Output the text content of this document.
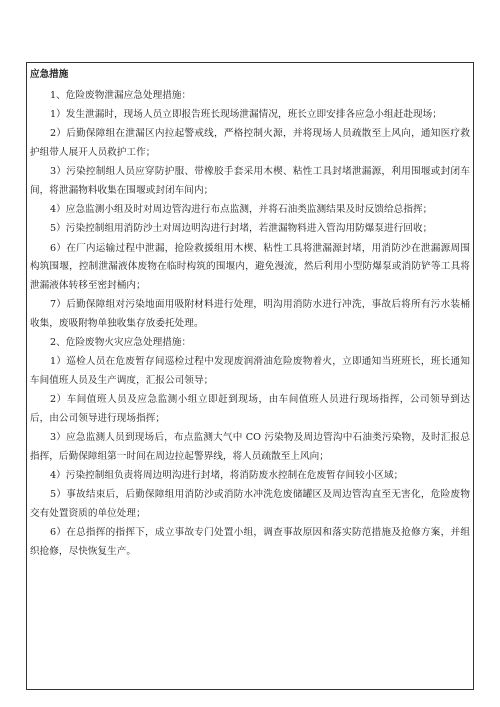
应急措施

1、危险废物泄漏应急处理措施：

1）发生泄漏时，现场人员立即报告班长现场泄漏情况，班长立即安排各应急小组赶赴现场；

2）后勤保障组在泄漏区内拉起警戒线，严格控制火源，并将现场人员疏散至上风向，通知医疗救护组带人展开人员救护工作；

3）污染控制组人员应穿防护服、带橡胶手套采用木楔、粘性工具封堵泄漏源，利用围堰或封闭车间，将泄漏物料收集在围堰或封闭车间内；

4）应急监测小组及时对周边管沟进行布点监测，并将石油类监测结果及时反馈给总指挥；

5）污染控制组用消防沙土对周边明沟进行封堵，若泄漏物料进入管沟用防爆泵进行回收；

6）在厂内运输过程中泄漏，抢险救援组用木楔、粘性工具将泄漏源封堵，用消防沙在泄漏源周围构筑围堰，控制泄漏液体废物在临时构筑的围堰内，避免漫流，然后利用小型防爆泵或消防铲等工具将泄漏液体转移至密封桶内；

7）后勤保障组对污染地面用吸附材料进行处理，明沟用消防水进行冲洗，事故后将所有污水装桶收集，废吸附物单独收集存放委托处理。

2、危险废物火灾应急处理措施：

1）巡检人员在危废暂存间巡检过程中发现废润滑油危险废物着火，立即通知当班班长，班长通知车间值班人员及生产调度，汇报公司领导；

2）车间值班人员及应急监测小组立即赶到现场，由车间值班人员进行现场指挥，公司领导到达后，由公司领导进行现场指挥；

3）应急监测人员到现场后，布点监测大气中 CO 污染物及周边管沟中石油类污染物，及时汇报总指挥，后勤保障组第一时间在周边拉起警界线，将人员疏散至上风向；

4）污染控制组负责将周边明沟进行封堵，将消防废水控制在危废暂存间较小区域；

5）事故结束后，后勤保障组用消防沙或消防水冲洗危废储罐区及周边管沟直至无害化，危险废物交有处置资质的单位处理；

6）在总指挥的指挥下，成立事故专门处置小组，调查事故原因和落实防范措施及抢修方案，并组织抢修，尽快恢复生产。
